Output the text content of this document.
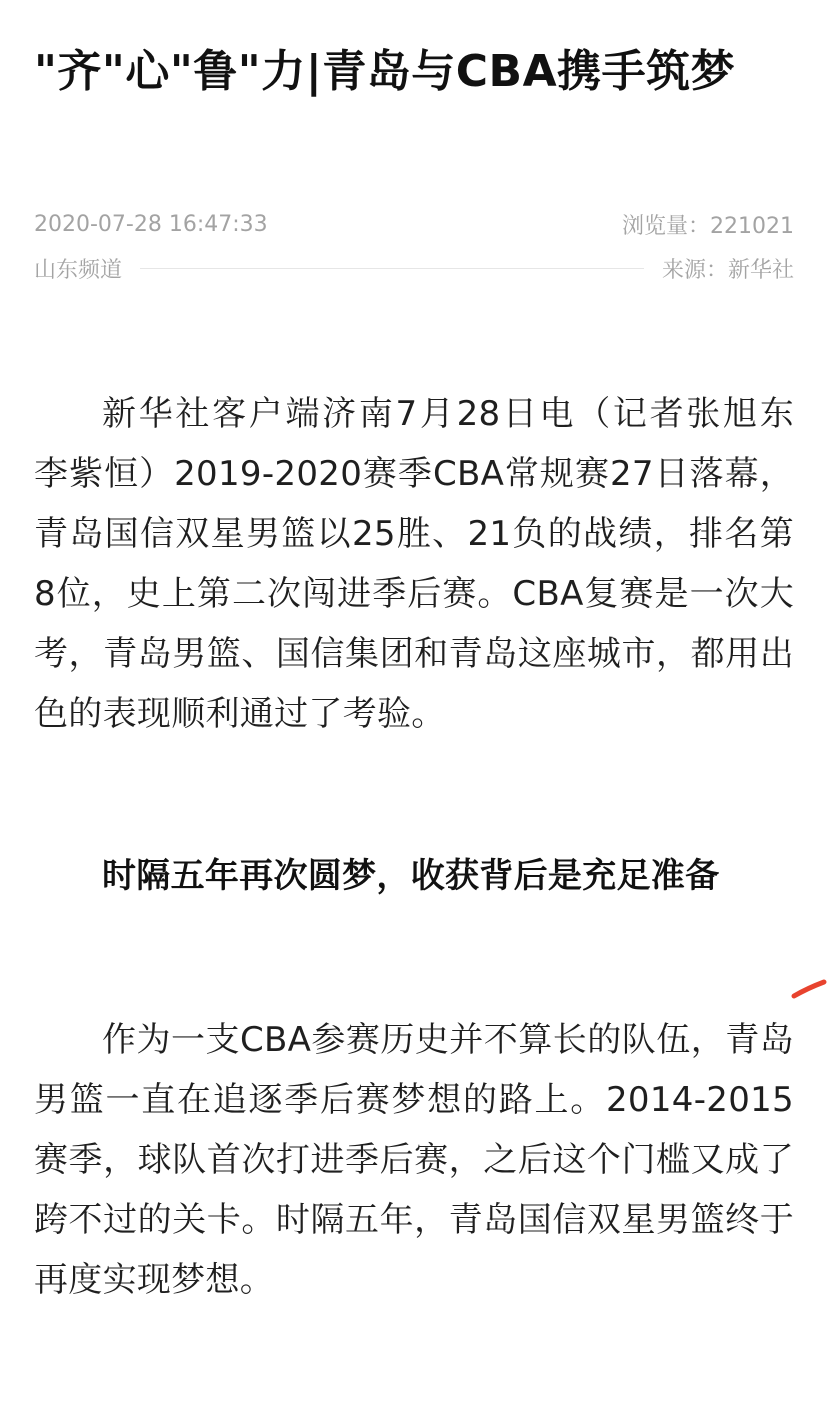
"齐"心"鲁"力|青岛与CBA携手筑梦
2020-07-28 16:47:33	浏览量：221021
山东频道	来源：新华社

新华社客户端济南7月28日电（记者张旭东 李紫恒）2019-2020赛季CBA常规赛27日落幕，青岛国信双星男篮以25胜、21负的战绩，排名第8位，史上第二次闯进季后赛。CBA复赛是一次大考，青岛男篮、国信集团和青岛这座城市，都用出色的表现顺利通过了考验。

时隔五年再次圆梦，收获背后是充足准备

作为一支CBA参赛历史并不算长的队伍，青岛男篮一直在追逐季后赛梦想的路上。2014-2015赛季，球队首次打进季后赛，之后这个门槛又成了跨不过的关卡。时隔五年，青岛国信双星男篮终于再度实现梦想。
